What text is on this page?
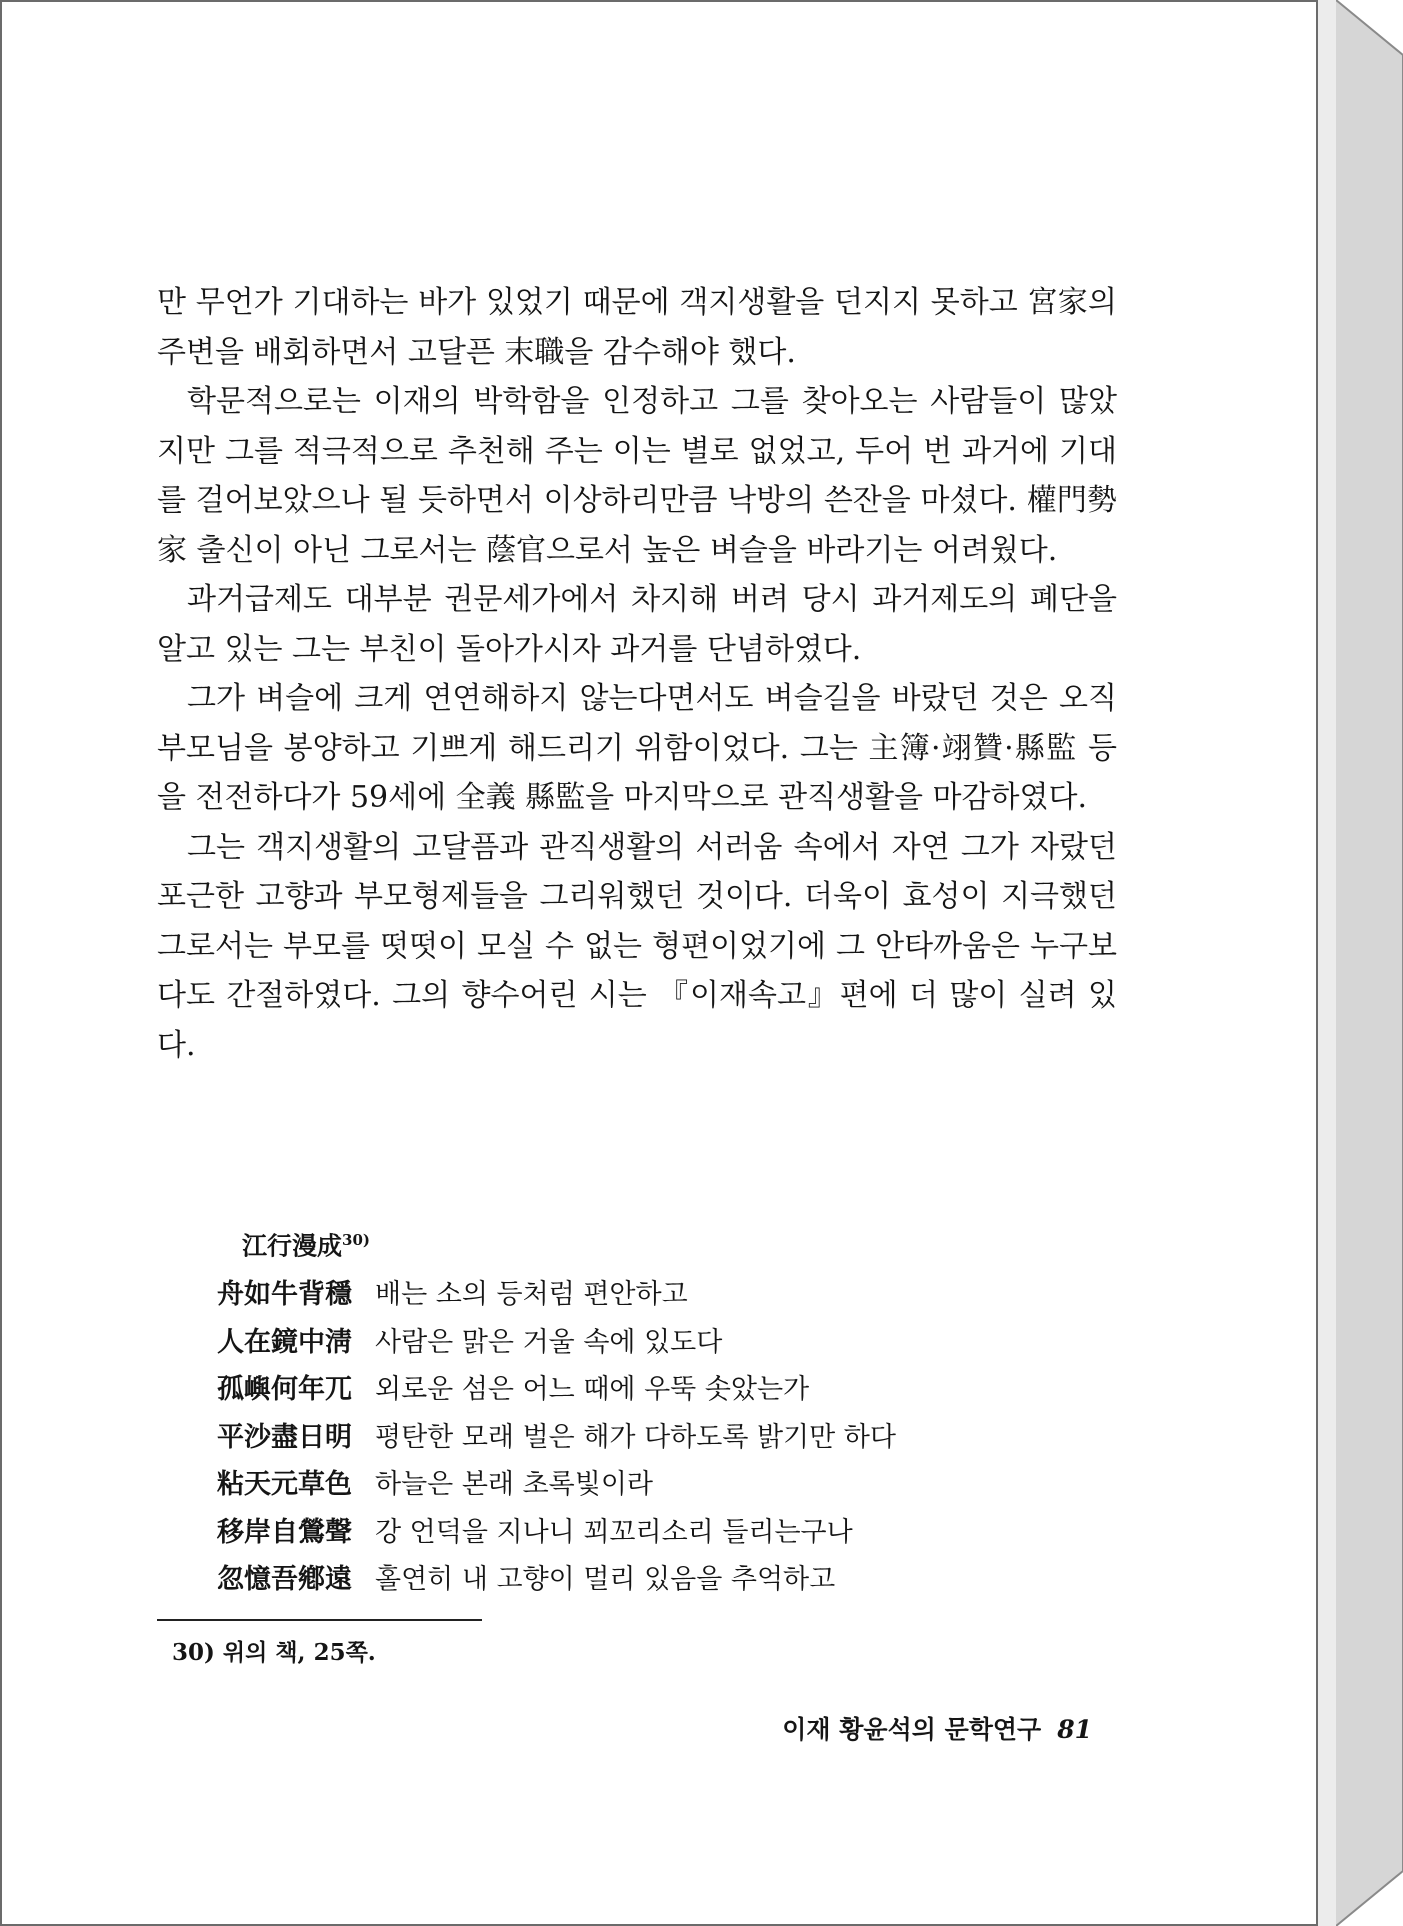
만 무언가 기대하는 바가 있었기 때문에 객지생활을 던지지 못하고 宮家의 주변을 배회하면서 고달픈 末職을 감수해야 했다.

학문적으로는 이재의 박학함을 인정하고 그를 찾아오는 사람들이 많았지만 그를 적극적으로 추천해 주는 이는 별로 없었고, 두어 번 과거에 기대를 걸어보았으나 될 듯하면서 이상하리만큼 낙방의 쓴잔을 마셨다. 權門勢家 출신이 아닌 그로서는 蔭官으로서 높은 벼슬을 바라기는 어려웠다.

과거급제도 대부분 권문세가에서 차지해 버려 당시 과거제도의 폐단을 알고 있는 그는 부친이 돌아가시자 과거를 단념하였다.

그가 벼슬에 크게 연연해하지 않는다면서도 벼슬길을 바랐던 것은 오직 부모님을 봉양하고 기쁘게 해드리기 위함이었다. 그는 主簿·翊贊·縣監 등을 전전하다가 59세에 全義 縣監을 마지막으로 관직생활을 마감하였다.

그는 객지생활의 고달픔과 관직생활의 서러움 속에서 자연 그가 자랐던 포근한 고향과 부모형제들을 그리워했던 것이다. 더욱이 효성이 지극했던 그로서는 부모를 떳떳이 모실 수 없는 형편이었기에 그 안타까움은 누구보다도 간절하였다. 그의 향수어린 시는 『이재속고』편에 더 많이 실려 있다.

江行漫成$^{30)}$
舟如牛背穩 배는 소의 등처럼 편안하고
人在鏡中淸 사람은 맑은 거울 속에 있도다
孤嶼何年兀 외로운 섬은 어느 때에 우뚝 솟았는가
平沙盡日明 평탄한 모래 벌은 해가 다하도록 밝기만 하다
粘天元草色 하늘은 본래 초록빛이라
移岸自鶯聲 강 언덕을 지나니 꾀꼬리소리 들리는구나
忽憶吾鄕遠 홀연히 내 고향이 멀리 있음을 추억하고
30) 위의 책, 25쪽.
이재 황윤석의 문학연구 81
